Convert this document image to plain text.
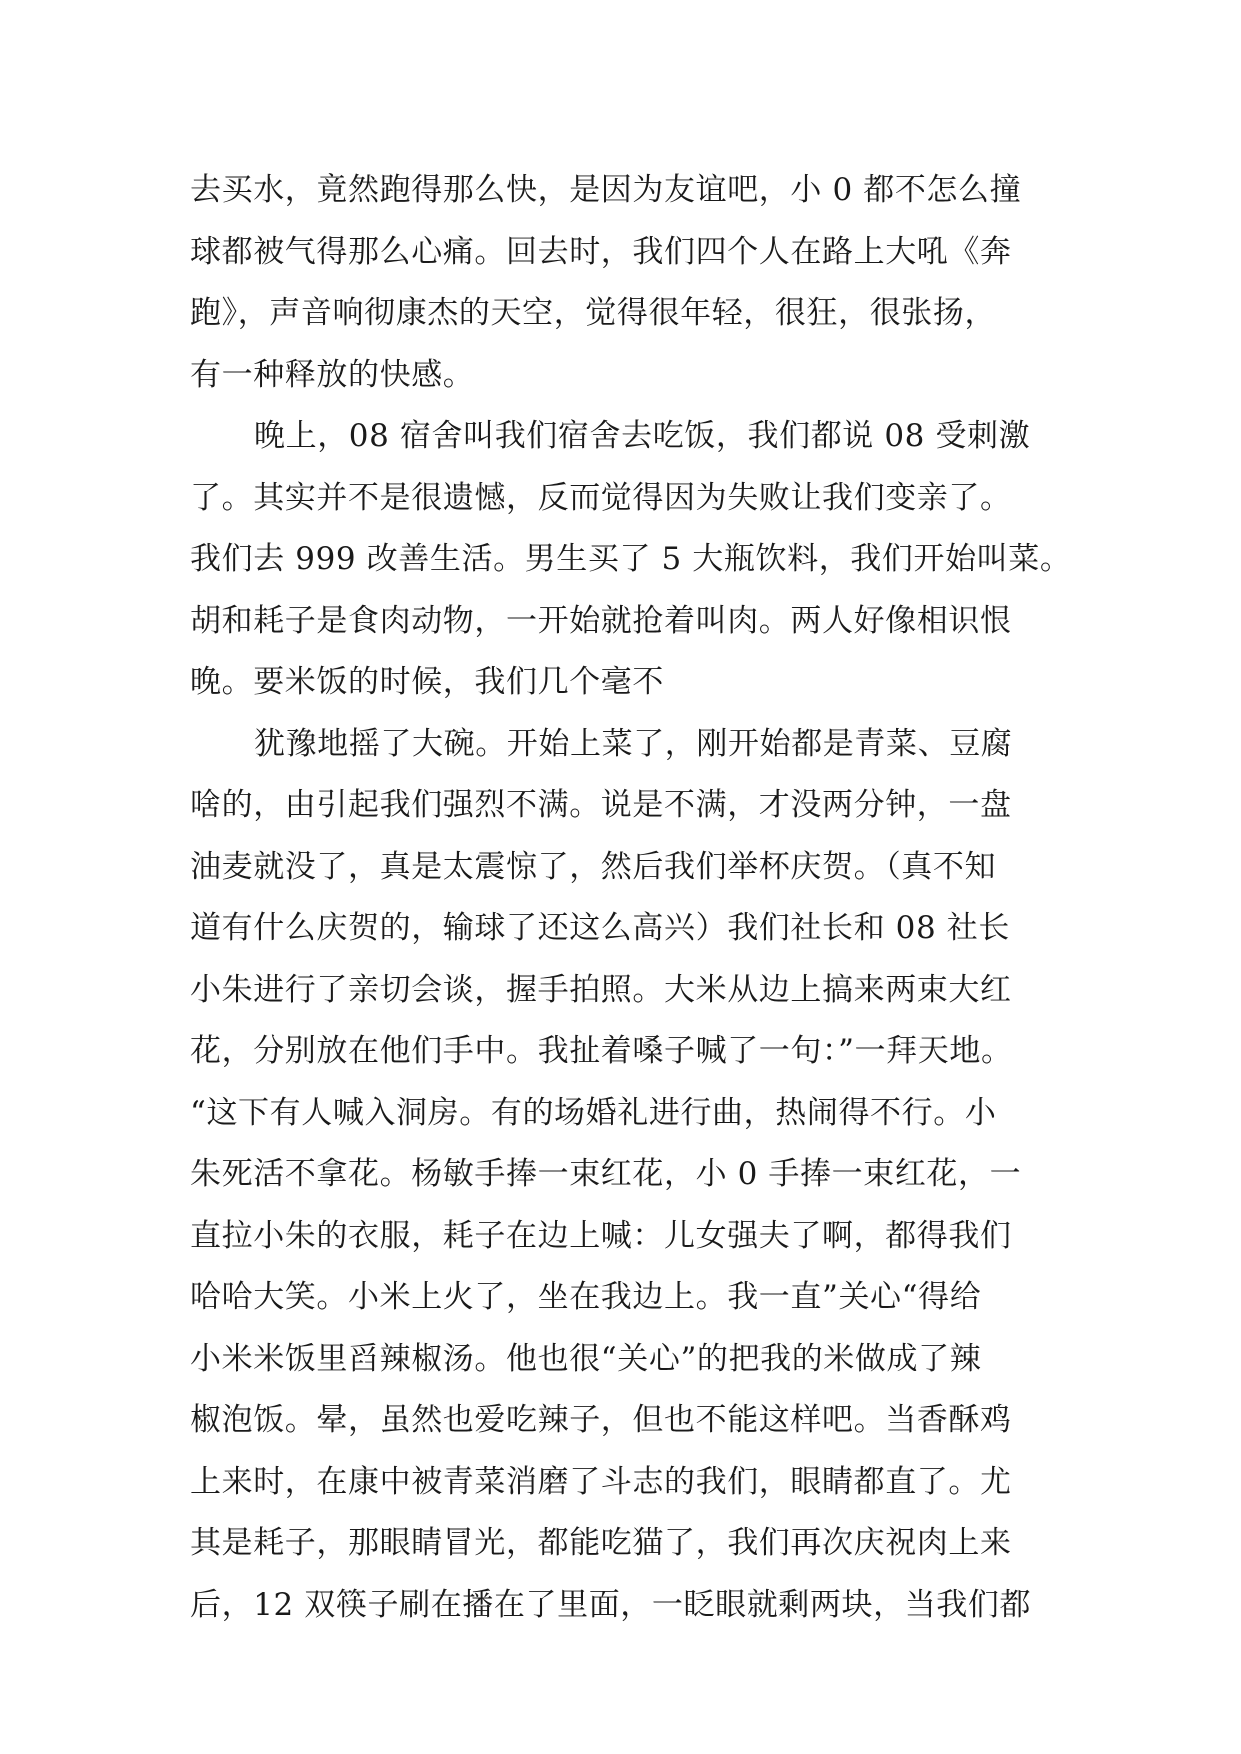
去买水，竟然跑得那么快，是因为友谊吧，小 0 都不怎么撞
球都被气得那么心痛。回去时，我们四个人在路上大吼《奔
跑》，声音响彻康杰的天空，觉得很年轻，很狂，很张扬，
有一种释放的快感。
晚上，08 宿舍叫我们宿舍去吃饭，我们都说 08 受刺激
了。其实并不是很遗憾，反而觉得因为失败让我们变亲了。
我们去 999 改善生活。男生买了 5 大瓶饮料，我们开始叫菜。
胡和耗子是食肉动物，一开始就抢着叫肉。两人好像相识恨
晚。要米饭的时候，我们几个毫不
犹豫地摇了大碗。开始上菜了，刚开始都是青菜、豆腐
啥的，由引起我们强烈不满。说是不满，才没两分钟，一盘
油麦就没了，真是太震惊了，然后我们举杯庆贺。（真不知
道有什么庆贺的，输球了还这么高兴）我们社长和 08 社长
小朱进行了亲切会谈，握手拍照。大米从边上搞来两束大红
花，分别放在他们手中。我扯着嗓子喊了一句：”一拜天地。
“这下有人喊入洞房。有的场婚礼进行曲，热闹得不行。小
朱死活不拿花。杨敏手捧一束红花，小 0 手捧一束红花，一
直拉小朱的衣服，耗子在边上喊：儿女强夫了啊，都得我们
哈哈大笑。小米上火了，坐在我边上。我一直”关心“得给
小米米饭里舀辣椒汤。他也很“关心”的把我的米做成了辣
椒泡饭。晕，虽然也爱吃辣子，但也不能这样吧。当香酥鸡
上来时，在康中被青菜消磨了斗志的我们，眼睛都直了。尤
其是耗子，那眼睛冒光，都能吃猫了，我们再次庆祝肉上来
后，12 双筷子刷在播在了里面，一眨眼就剩两块，当我们都
